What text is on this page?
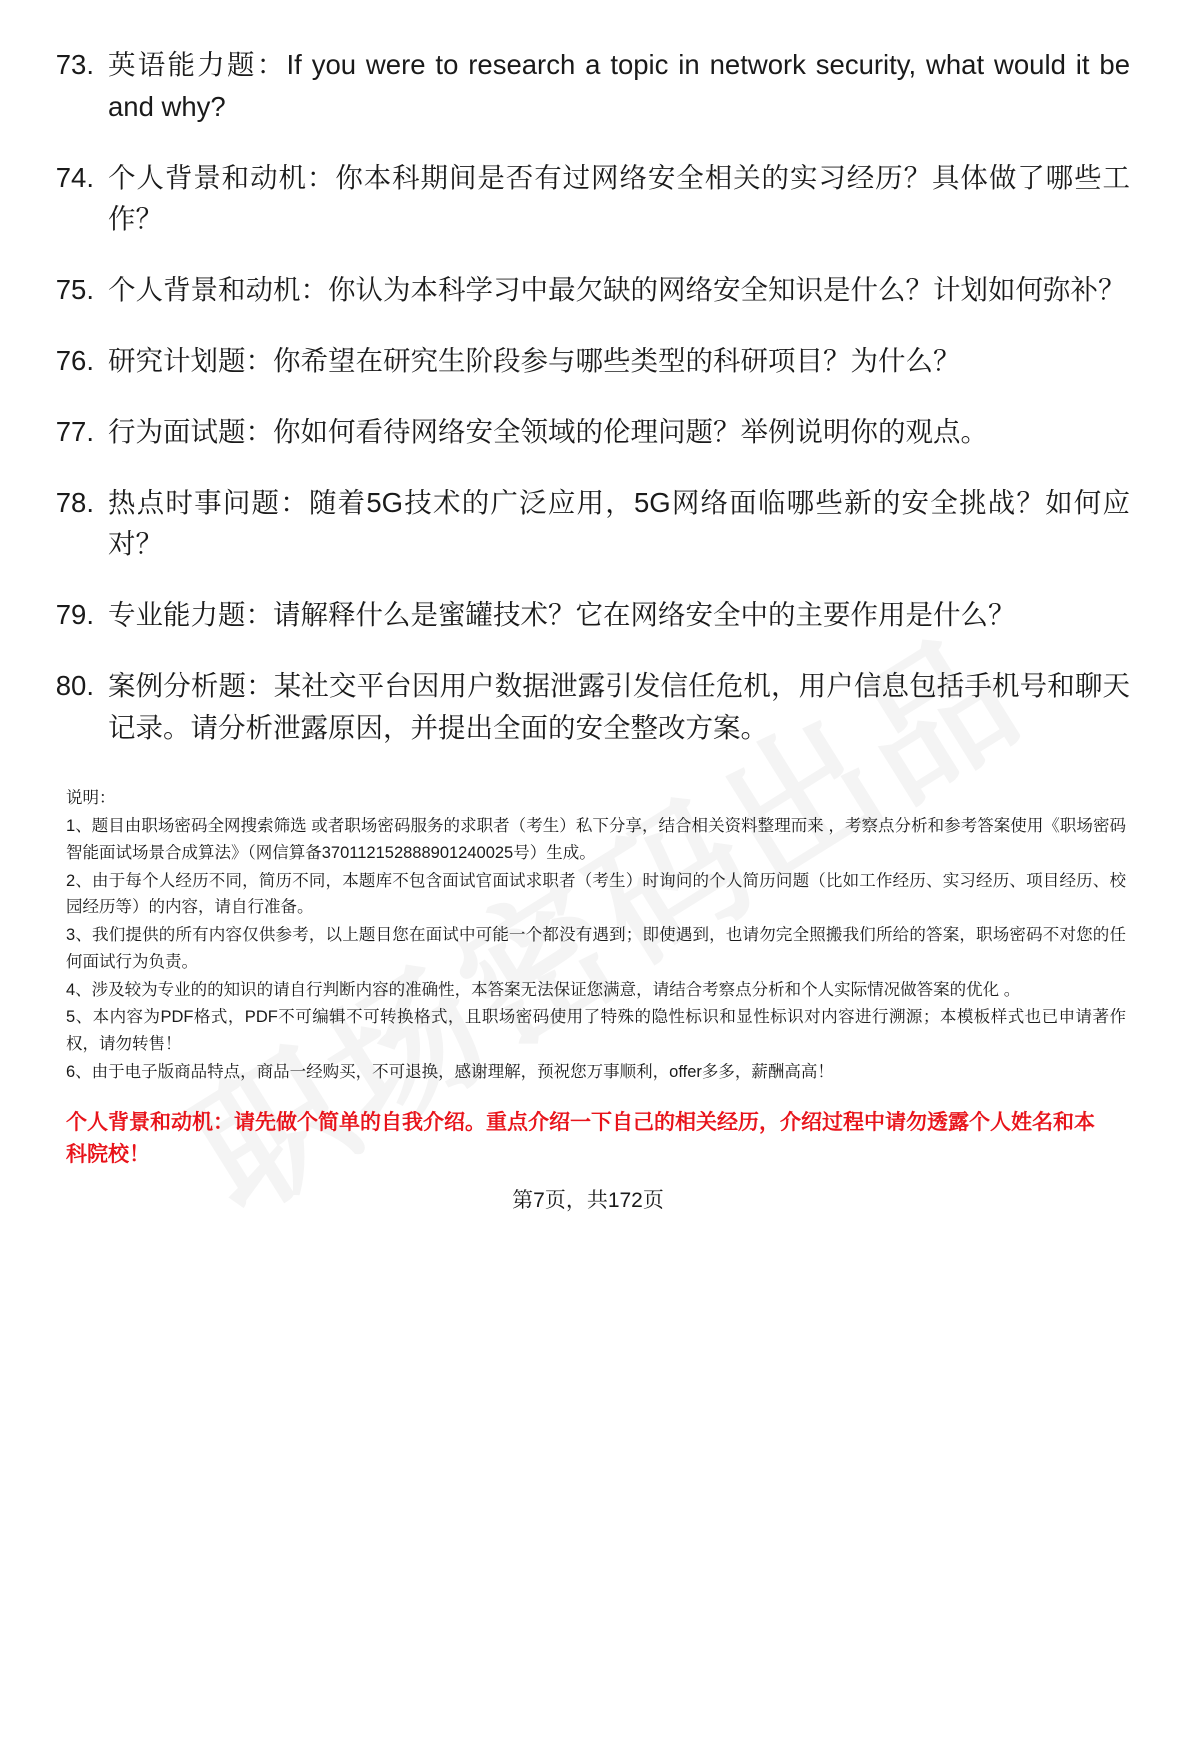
73. 英语能力题：If you were to research a topic in network security, what would it be and why?
74. 个人背景和动机：你本科期间是否有过网络安全相关的实习经历？具体做了哪些工作？
75. 个人背景和动机：你认为本科学习中最欠缺的网络安全知识是什么？计划如何弥补？
76. 研究计划题：你希望在研究生阶段参与哪些类型的科研项目？为什么？
77. 行为面试题：你如何看待网络安全领域的伦理问题？举例说明你的观点。
78. 热点时事问题：随着5G技术的广泛应用，5G网络面临哪些新的安全挑战？如何应对？
79. 专业能力题：请解释什么是蜜罐技术？它在网络安全中的主要作用是什么？
80. 案例分析题：某社交平台因用户数据泄露引发信任危机，用户信息包括手机号和聊天记录。请分析泄露原因，并提出全面的安全整改方案。

说明：

1、题目由职场密码全网搜索筛选 或者职场密码服务的求职者（考生）私下分享，结合相关资料整理而来 ，考察点分析和参考答案使用《职场密码智能面试场景合成算法》（网信算备370112152888901240025号）生成。

2、由于每个人经历不同，简历不同，本题库不包含面试官面试求职者（考生）时询问的个人简历问题（比如工作经历、实习经历、项目经历、校园经历等）的内容，请自行准备。

3、我们提供的所有内容仅供参考，以上题目您在面试中可能一个都没有遇到；即使遇到，也请勿完全照搬我们所给的答案，职场密码不对您的任何面试行为负责。

4、涉及较为专业的的知识的请自行判断内容的准确性，本答案无法保证您满意，请结合考察点分析和个人实际情况做答案的优化 。

5、本内容为PDF格式，PDF不可编辑不可转换格式，且职场密码使用了特殊的隐性标识和显性标识对内容进行溯源；本模板样式也已申请著作权，请勿转售！

6、由于电子版商品特点，商品一经购买，不可退换，感谢理解，预祝您万事顺利，offer多多，薪酬高高！

个人背景和动机：请先做个简单的自我介绍。重点介绍一下自己的相关经历，介绍过程中请勿透露个人姓名和本科院校！
第7页，共172页
